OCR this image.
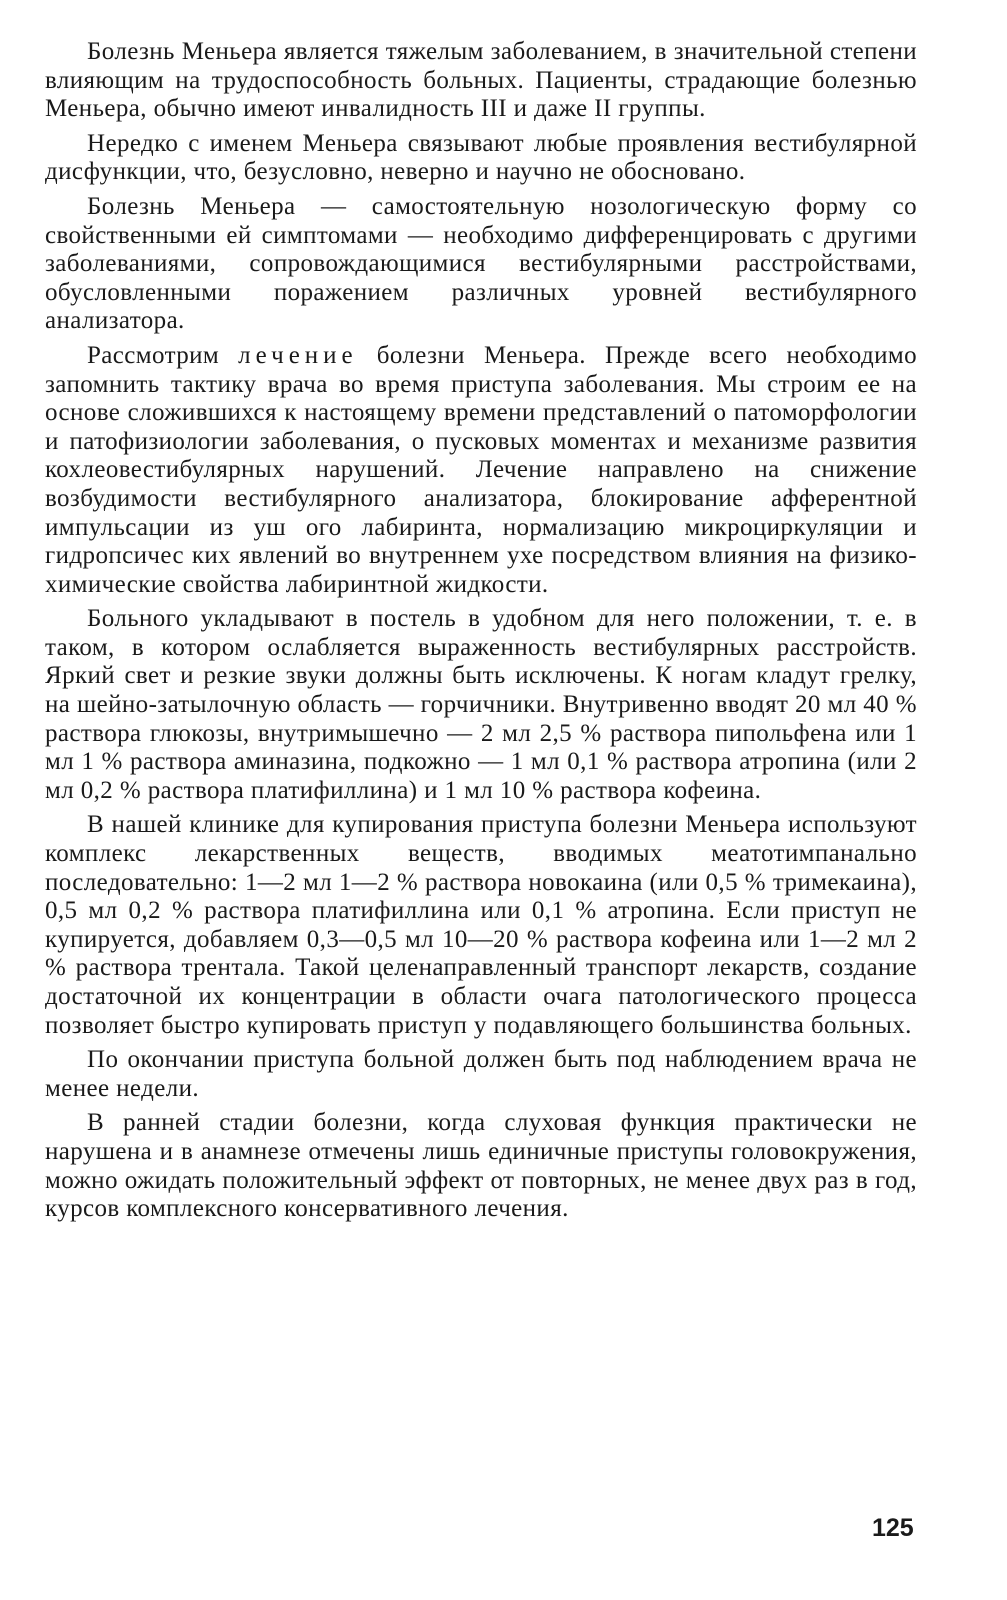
Болезнь Меньера является тяжелым заболеванием, в значительной степени влияющим на трудоспособность больных. Пациенты, страдающие болезнью Меньера, обычно имеют инвалидность III и даже II группы.

Нередко с именем Меньера связывают любые проявления вестибулярной дисфункции, что, безусловно, неверно и научно не обосновано.

Болезнь Меньера — самостоятельную нозологическую форму со свойственными ей симптомами — необходимо дифференцировать с другими заболеваниями, сопровождающимися вестибулярными расстройствами, обусловленными поражением различных уровней вестибулярного анализатора.

Рассмотрим лечение болезни Меньера. Прежде всего необходимо запомнить тактику врача во время приступа заболевания. Мы строим ее на основе сложившихся к настоящему времени представлений о патоморфологии и патофизиологии заболевания, о пусковых моментах и механизме развития кохлеовестибулярных нарушений. Лечение направлено на снижение возбудимости вестибулярного анализатора, блокирование афферентной импульсации из уш ого лабиринта, нормализацию микроциркуляции и гидропсичес ких явлений во внутреннем ухе посредством влияния на физико-химические свойства лабиринтной жидкости.

Больного укладывают в постель в удобном для него положении, т. е. в таком, в котором ослабляется выраженность вестибулярных расстройств. Яркий свет и резкие звуки должны быть исключены. К ногам кладут грелку, на шейно-затылочную область — горчичники. Внутривенно вводят 20 мл 40 % раствора глюкозы, внутримышечно — 2 мл 2,5 % раствора пипольфена или 1 мл 1 % раствора аминазина, подкожно — 1 мл 0,1 % раствора атропина (или 2 мл 0,2 % раствора платифиллина) и 1 мл 10 % раствора кофеина.

В нашей клинике для купирования приступа болезни Меньера используют комплекс лекарственных веществ, вводимых меатотимпанально последовательно: 1—2 мл 1—2 % раствора новокаина (или 0,5 % тримекаина), 0,5 мл 0,2 % раствора платифиллина или 0,1 % атропина. Если приступ не купируется, добавляем 0,3—0,5 мл 10—20 % раствора кофеина или 1—2 мл 2 % раствора трентала. Такой целенаправленный транспорт лекарств, создание достаточной их концентрации в области очага патологического процесса позволяет быстро купировать приступ у подавляющего большинства больных.

По окончании приступа больной должен быть под наблюдением врача не менее недели.

В ранней стадии болезни, когда слуховая функция практически не нарушена и в анамнезе отмечены лишь единичные приступы головокружения, можно ожидать положительный эффект от повторных, не менее двух раз в год, курсов комплексного консервативного лечения.

125
